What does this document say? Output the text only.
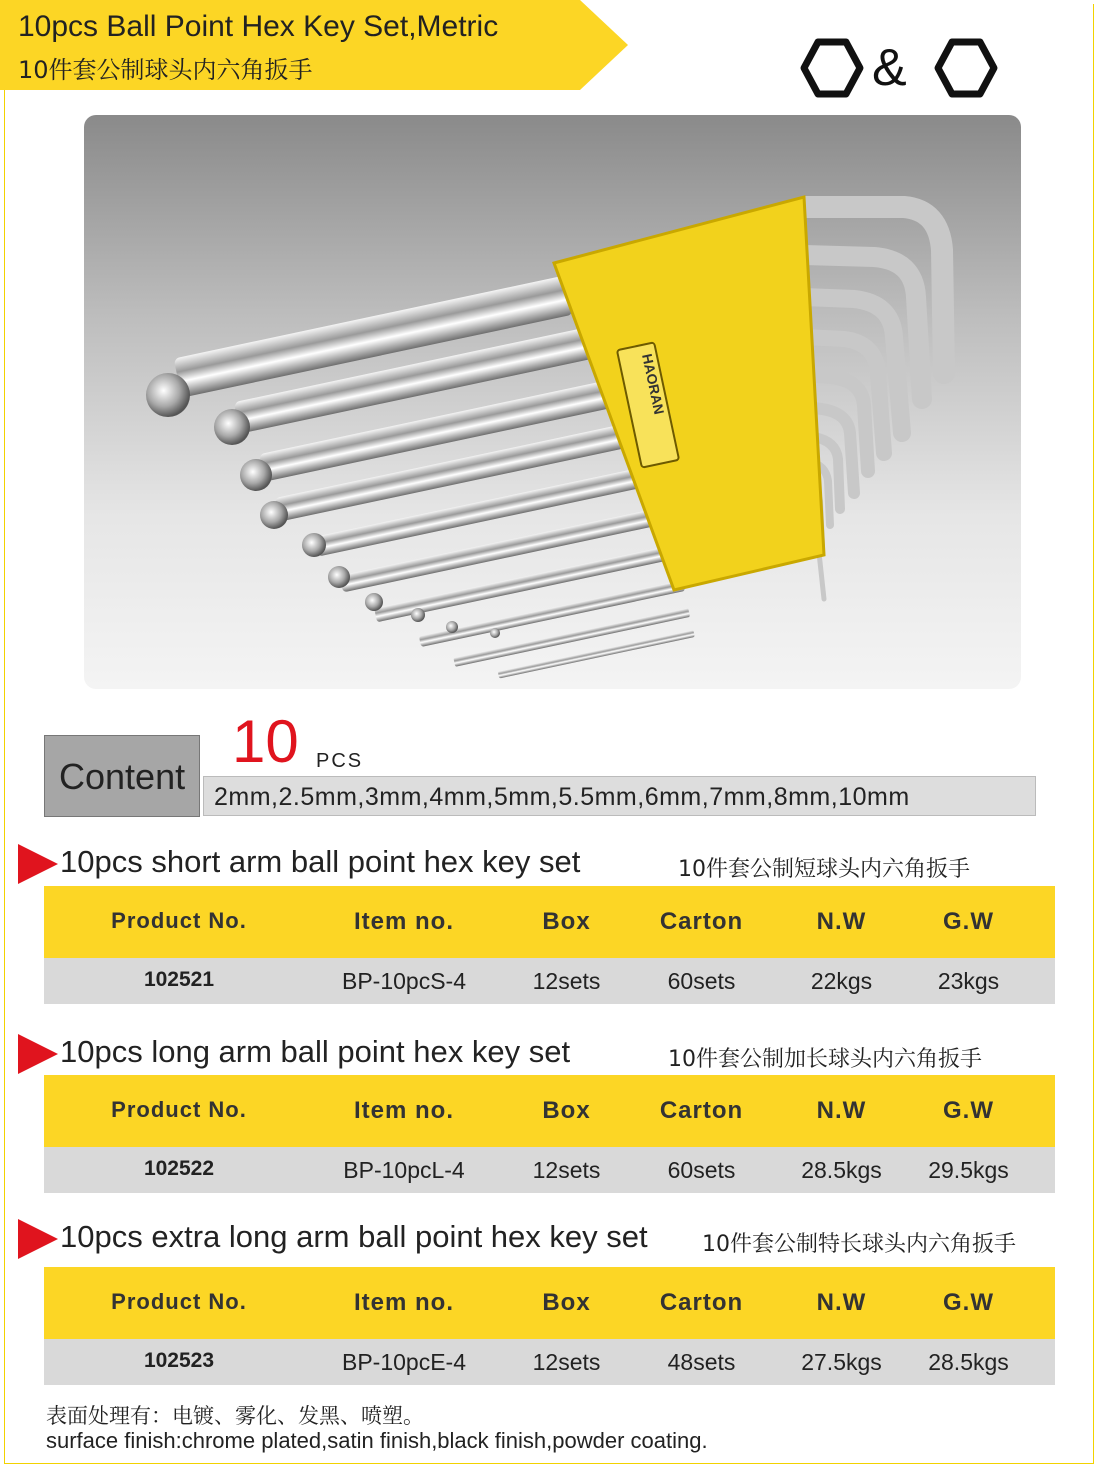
10pcs Ball Point Hex Key Set,Metric
10件套公制球头内六角扳手	&
HAORAN
Content
10 PCS
2mm,2.5mm,3mm,4mm,5mm,5.5mm,6mm,7mm,8mm,10mm
10pcs short arm ball point hex key set	10件套公制短球头内六角扳手
Product No.	Item no.	Box	Carton	N.W	G.W
102521	BP-10pcS-4	12sets	60sets	22kgs	23kgs
10pcs long arm ball point hex key set	10件套公制加长球头内六角扳手
Product No.	Item no.	Box	Carton	N.W	G.W
102522	BP-10pcL-4	12sets	60sets	28.5kgs	29.5kgs
10pcs extra long arm ball point hex key set 10件套公制特长球头内六角扳手
Product No.	Item no.	Box	Carton	N.W	G.W
102523	BP-10pcE-4	12sets	48sets	27.5kgs	28.5kgs
表面处理有：电镀、雾化、发黑、喷塑。
surface finish:chrome plated,satin finish,black finish,powder coating.
